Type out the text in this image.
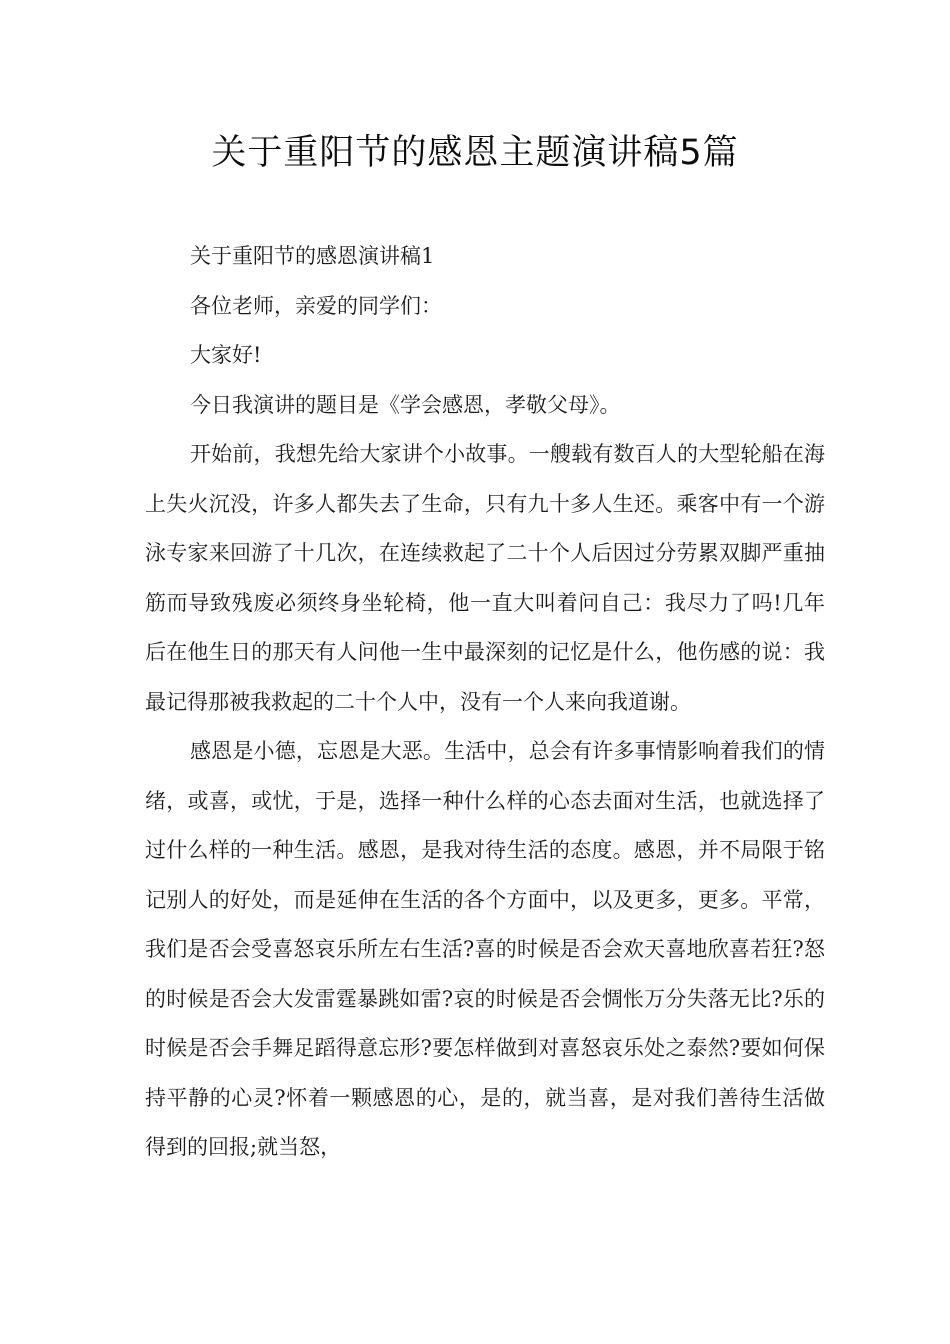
关于重阳节的感恩主题演讲稿5篇

关于重阳节的感恩演讲稿1

各位老师，亲爱的同学们：

大家好!

今日我演讲的题目是《学会感恩，孝敬父母》。

开始前，我想先给大家讲个小故事。一艘载有数百人的大型轮船在海上失火沉没，许多人都失去了生命，只有九十多人生还。乘客中有一个游泳专家来回游了十几次，在连续救起了二十个人后因过分劳累双脚严重抽筋而导致残废必须终身坐轮椅，他一直大叫着问自己：我尽力了吗!几年后在他生日的那天有人问他一生中最深刻的记忆是什么，他伤感的说：我最记得那被我救起的二十个人中，没有一个人来向我道谢。

感恩是小德，忘恩是大恶。生活中，总会有许多事情影响着我们的情绪，或喜，或忧，于是，选择一种什么样的心态去面对生活，也就选择了过什么样的一种生活。感恩，是我对待生活的态度。感恩，并不局限于铭记别人的好处，而是延伸在生活的各个方面中，以及更多，更多。平常，我们是否会受喜怒哀乐所左右生活?喜的时候是否会欢天喜地欣喜若狂?怒的时候是否会大发雷霆暴跳如雷?哀的时候是否会惆怅万分失落无比?乐的时候是否会手舞足蹈得意忘形?要怎样做到对喜怒哀乐处之泰然?要如何保持平静的心灵?怀着一颗感恩的心，是的，就当喜，是对我们善待生活做得到的回报;就当怒，
